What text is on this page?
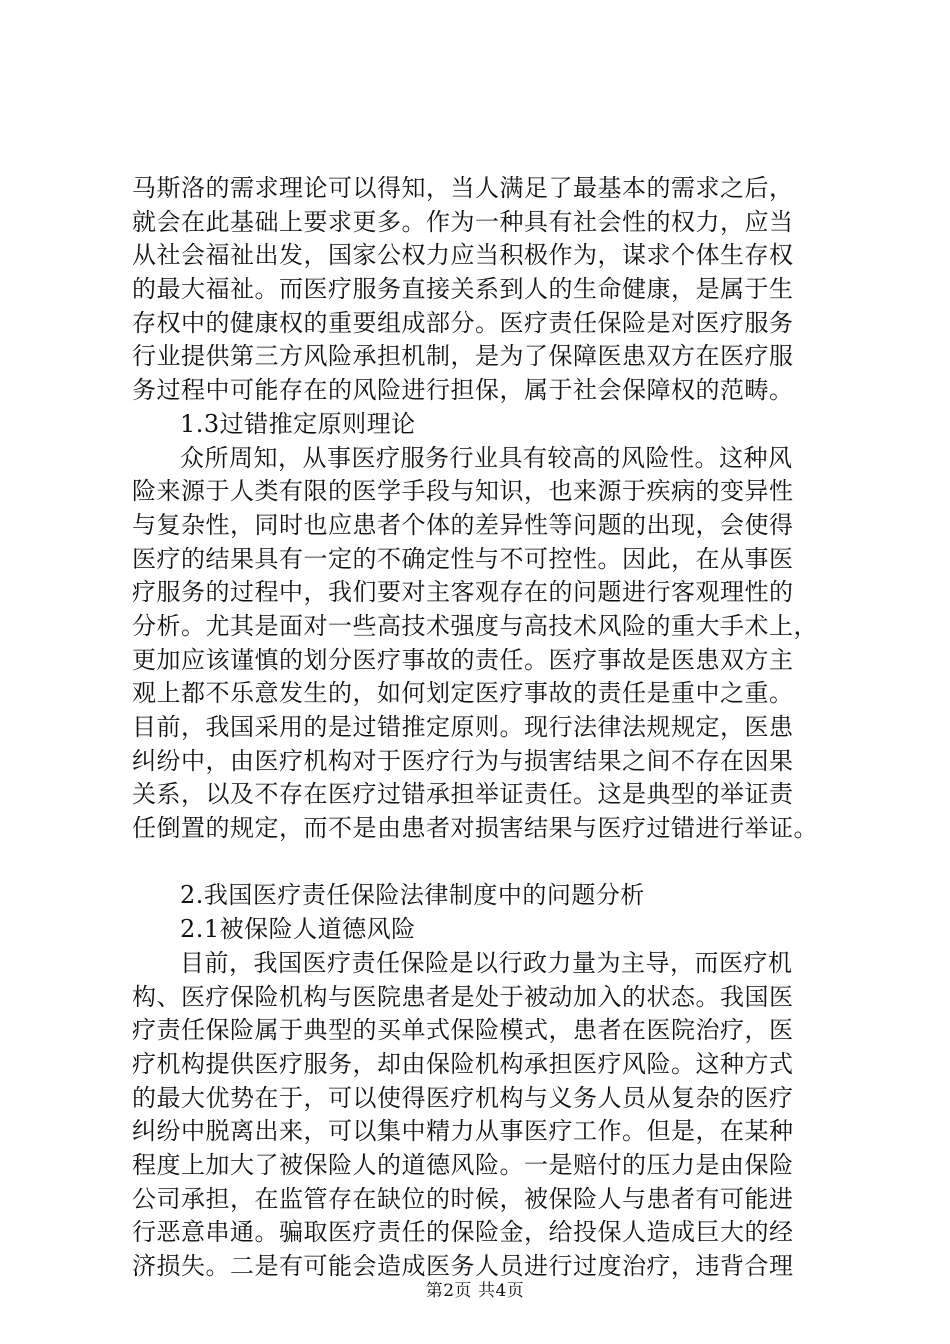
马斯洛的需求理论可以得知，当人满足了最基本的需求之后，
就会在此基础上要求更多。作为一种具有社会性的权力，应当
从社会福祉出发，国家公权力应当积极作为，谋求个体生存权
的最大福祉。而医疗服务直接关系到人的生命健康，是属于生
存权中的健康权的重要组成部分。医疗责任保险是对医疗服务
行业提供第三方风险承担机制，是为了保障医患双方在医疗服
务过程中可能存在的风险进行担保，属于社会保障权的范畴。
1.3过错推定原则理论
众所周知，从事医疗服务行业具有较高的风险性。这种风
险来源于人类有限的医学手段与知识，也来源于疾病的变异性
与复杂性，同时也应患者个体的差异性等问题的出现，会使得
医疗的结果具有一定的不确定性与不可控性。因此，在从事医
疗服务的过程中，我们要对主客观存在的问题进行客观理性的
分析。尤其是面对一些高技术强度与高技术风险的重大手术上，
更加应该谨慎的划分医疗事故的责任。医疗事故是医患双方主
观上都不乐意发生的，如何划定医疗事故的责任是重中之重。
目前，我国采用的是过错推定原则。现行法律法规规定，医患
纠纷中，由医疗机构对于医疗行为与损害结果之间不存在因果
关系，以及不存在医疗过错承担举证责任。这是典型的举证责
任倒置的规定，而不是由患者对损害结果与医疗过错进行举证。
2.我国医疗责任保险法律制度中的问题分析
2.1被保险人道德风险
目前，我国医疗责任保险是以行政力量为主导，而医疗机
构、医疗保险机构与医院患者是处于被动加入的状态。我国医
疗责任保险属于典型的买单式保险模式，患者在医院治疗，医
疗机构提供医疗服务，却由保险机构承担医疗风险。这种方式
的最大优势在于，可以使得医疗机构与义务人员从复杂的医疗
纠纷中脱离出来，可以集中精力从事医疗工作。但是，在某种
程度上加大了被保险人的道德风险。一是赔付的压力是由保险
公司承担，在监管存在缺位的时候，被保险人与患者有可能进
行恶意串通。骗取医疗责任的保险金，给投保人造成巨大的经
济损失。二是有可能会造成医务人员进行过度治疗，违背合理
第2页 共4页
